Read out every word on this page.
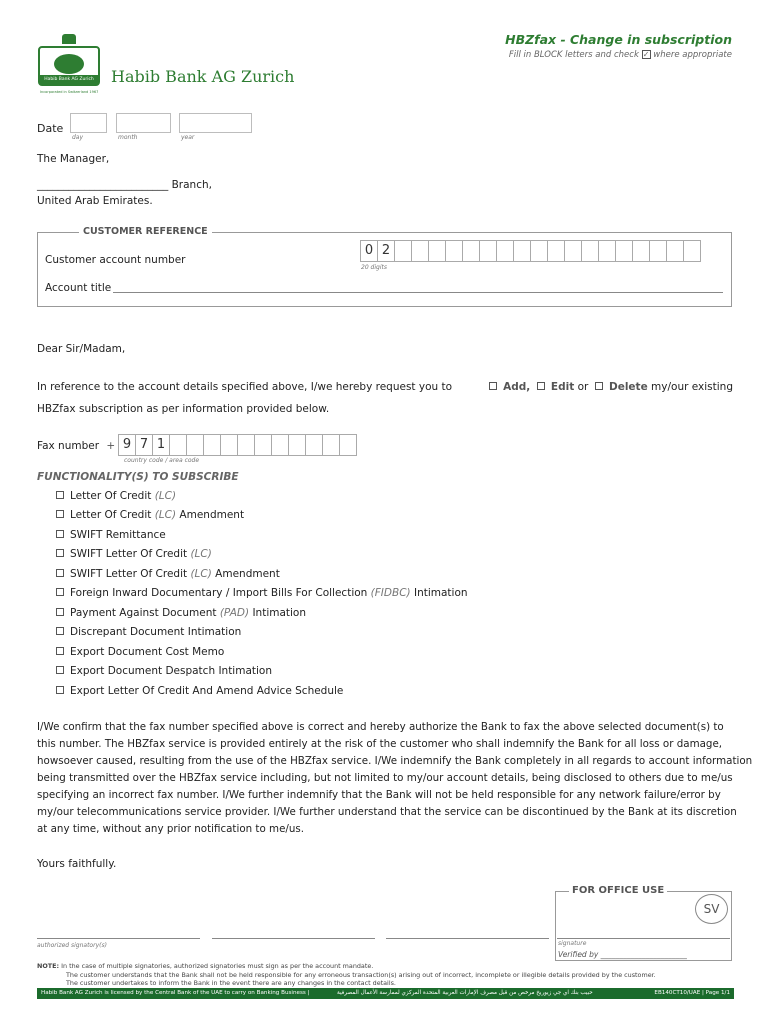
HBZfax - Change in subscription
Fill in BLOCK letters and check ✓ where appropriate
Habib Bank AG Zurich
Incorporated in Switzerland 1967
Habib Bank AG Zurich
Date
day	month	year
The Manager,
_________________________ Branch,
United Arab Emirates.
CUSTOMER REFERENCE
Customer account number
0 2
20 digits
Account title
Dear Sir/Madam,
In reference to the account details specified above, I/we hereby request you to	Add, Edit or Delete my/our existing
HBZfax subscription as per information provided below.
Fax number + 9 7 1
country code / area code
FUNCTIONALITY(S) TO SUBSCRIBE
Letter Of Credit (LC)
Letter Of Credit (LC) Amendment
SWIFT Remittance
SWIFT Letter Of Credit (LC)
SWIFT Letter Of Credit (LC) Amendment
Foreign Inward Documentary / Import Bills For Collection (FIDBC) Intimation
Payment Against Document (PAD) Intimation
Discrepant Document Intimation
Export Document Cost Memo
Export Document Despatch Intimation
Export Letter Of Credit And Amend Advice Schedule
I/We confirm that the fax number specified above is correct and hereby authorize the Bank to fax the above selected document(s) to
this number. The HBZfax service is provided entirely at the risk of the customer who shall indemnify the Bank for all loss or damage,
howsoever caused, resulting from the use of the HBZfax service. I/We indemnify the Bank completely in all regards to account information
being transmitted over the HBZfax service including, but not limited to my/our account details, being disclosed to others due to me/us
specifying an incorrect fax number. I/We further indemnify that the Bank will not be held responsible for any network failure/error by
my/our telecommunications service provider. I/We further understand that the service can be discontinued by the Bank at its discretion
at any time, without any prior notification to me/us.
Yours faithfully.
authorized signatory(s)
FOR OFFICE USE
SV
signature
Verified by _______________________
NOTE: In the case of multiple signatories, authorized signatories must sign as per the account mandate.
The customer understands that the Bank shall not be held responsible for any erroneous transaction(s) arising out of incorrect, incomplete or illegible details provided by the customer.
The customer undertakes to inform the Bank in the event there are any changes in the contact details.
Habib Bank AG Zurich is licensed by the Central Bank of the UAE to carry on Banking Business |	حبيب بنك اي جي زيوريخ مرخص من قبل مصرف الإمارات العربية المتحدة المركزي لممارسة الأعمال المصرفية	EB140CT10/UAE | Page 1/1
